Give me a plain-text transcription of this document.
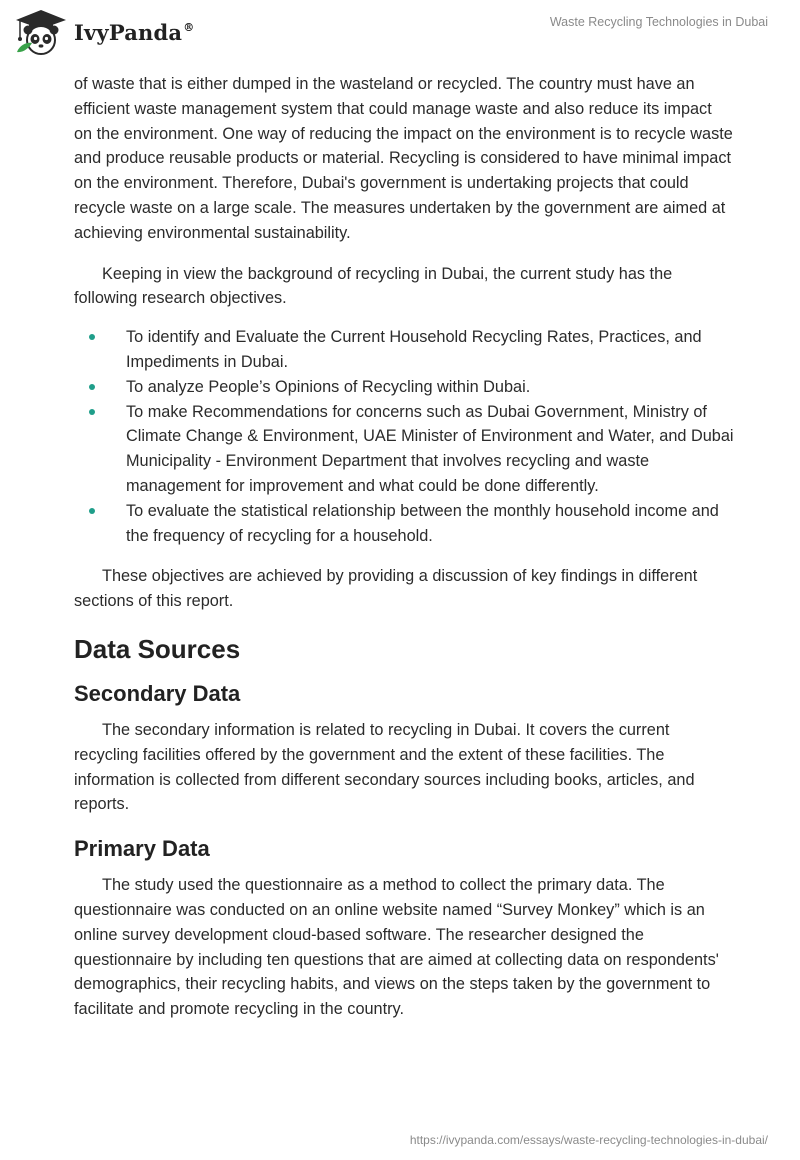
IvyPanda®	Waste Recycling Technologies in Dubai

of waste that is either dumped in the wasteland or recycled. The country must have an efficient waste management system that could manage waste and also reduce its impact on the environment. One way of reducing the impact on the environment is to recycle waste and produce reusable products or material. Recycling is considered to have minimal impact on the environment. Therefore, Dubai's government is undertaking projects that could recycle waste on a large scale. The measures undertaken by the government are aimed at achieving environmental sustainability.

Keeping in view the background of recycling in Dubai, the current study has the following research objectives.

To identify and Evaluate the Current Household Recycling Rates, Practices, and Impediments in Dubai.
To analyze People’s Opinions of Recycling within Dubai.
To make Recommendations for concerns such as Dubai Government, Ministry of Climate Change & Environment, UAE Minister of Environment and Water, and Dubai Municipality - Environment Department that involves recycling and waste management for improvement and what could be done differently.
To evaluate the statistical relationship between the monthly household income and the frequency of recycling for a household.

These objectives are achieved by providing a discussion of key findings in different sections of this report.

Data Sources
Secondary Data

The secondary information is related to recycling in Dubai. It covers the current recycling facilities offered by the government and the extent of these facilities. The information is collected from different secondary sources including books, articles, and reports.

Primary Data

The study used the questionnaire as a method to collect the primary data. The questionnaire was conducted on an online website named “Survey Monkey” which is an online survey development cloud-based software. The researcher designed the questionnaire by including ten questions that are aimed at collecting data on respondents' demographics, their recycling habits, and views on the steps taken by the government to facilitate and promote recycling in the country.

https://ivypanda.com/essays/waste-recycling-technologies-in-dubai/
